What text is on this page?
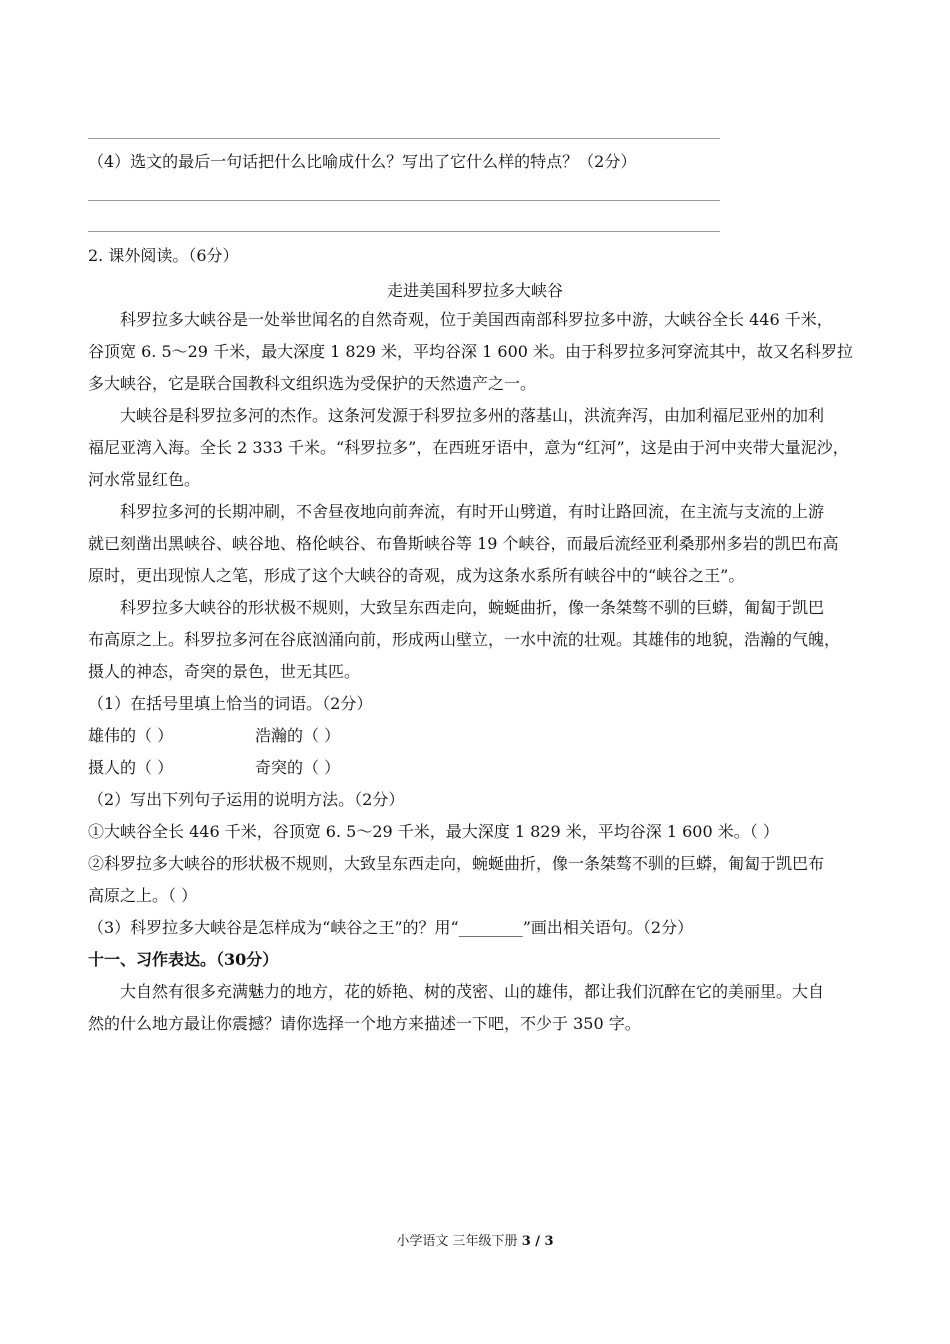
（4）选文的最后一句话把什么比喻成什么？写出了它什么样的特点？（2分）
2. 课外阅读。（6分）
走进美国科罗拉多大峡谷
科罗拉多大峡谷是一处举世闻名的自然奇观，位于美国西南部科罗拉多中游，大峡谷全长 446 千米，
谷顶宽 6. 5～29 千米，最大深度 1 829 米，平均谷深 1 600 米。由于科罗拉多河穿流其中，故又名科罗拉
多大峡谷，它是联合国教科文组织选为受保护的天然遗产之一。
大峡谷是科罗拉多河的杰作。这条河发源于科罗拉多州的落基山，洪流奔泻，由加利福尼亚州的加利
福尼亚湾入海。全长 2 333 千米。“科罗拉多”，在西班牙语中，意为“红河”，这是由于河中夹带大量泥沙，
河水常显红色。
科罗拉多河的长期冲刷，不舍昼夜地向前奔流，有时开山劈道，有时让路回流，在主流与支流的上游
就已刻凿出黑峡谷、峡谷地、格伦峡谷、布鲁斯峡谷等 19 个峡谷，而最后流经亚利桑那州多岩的凯巴布高
原时，更出现惊人之笔，形成了这个大峡谷的奇观，成为这条水系所有峡谷中的“峡谷之王”。
科罗拉多大峡谷的形状极不规则，大致呈东西走向，蜿蜒曲折，像一条桀骜不驯的巨蟒，匍匐于凯巴
布高原之上。科罗拉多河在谷底汹涌向前，形成两山壁立，一水中流的壮观。其雄伟的地貌，浩瀚的气魄，
摄人的神态，奇突的景色，世无其匹。
（1）在括号里填上恰当的词语。（2分）
雄伟的（ ）	浩瀚的（ ）
摄人的（ ）	奇突的（ ）
（2）写出下列句子运用的说明方法。（2分）
①大峡谷全长 446 千米，谷顶宽 6. 5～29 千米，最大深度 1 829 米，平均谷深 1 600 米。（ ）
②科罗拉多大峡谷的形状极不规则，大致呈东西走向，蜿蜒曲折，像一条桀骜不驯的巨蟒，匍匐于凯巴布
高原之上。（ ）
（3）科罗拉多大峡谷是怎样成为“峡谷之王”的？用“________”画出相关语句。（2分）
十一、习作表达。（30分）
大自然有很多充满魅力的地方，花的娇艳、树的茂密、山的雄伟，都让我们沉醉在它的美丽里。大自
然的什么地方最让你震撼？请你选择一个地方来描述一下吧，不少于 350 字。
小学语文 三年级下册 3 / 3
